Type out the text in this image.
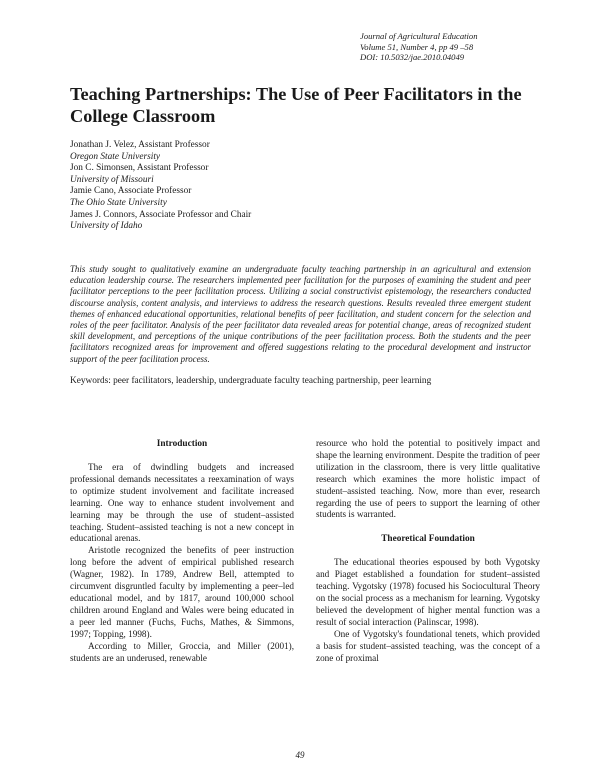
Journal of Agricultural Education
Volume 51, Number 4, pp 49 –58
DOI: 10.5032/jae.2010.04049
Teaching Partnerships: The Use of Peer Facilitators in the College Classroom
Jonathan J. Velez, Assistant Professor
Oregon State University
Jon C. Simonsen, Assistant Professor
University of Missouri
Jamie Cano, Associate Professor
The Ohio State University
James J. Connors, Associate Professor and Chair
University of Idaho

This study sought to qualitatively examine an undergraduate faculty teaching partnership in an agricultural and extension education leadership course. The researchers implemented peer facilitation for the purposes of examining the student and peer facilitator perceptions to the peer facilitation process. Utilizing a social constructivist epistemology, the researchers conducted discourse analysis, content analysis, and interviews to address the research questions. Results revealed three emergent student themes of enhanced educational opportunities, relational benefits of peer facilitation, and student concern for the selection and roles of the peer facilitator. Analysis of the peer facilitator data revealed areas for potential change, areas of recognized student skill development, and perceptions of the unique contributions of the peer facilitation process. Both the students and the peer facilitators recognized areas for improvement and offered suggestions relating to the procedural development and instructor support of the peer facilitation process.

Keywords: peer facilitators, leadership, undergraduate faculty teaching partnership, peer learning
Introduction

The era of dwindling budgets and increased professional demands necessitates a reexamination of ways to optimize student involvement and facilitate increased learning. One way to enhance student involvement and learning may be through the use of student–assisted teaching. Student–assisted teaching is not a new concept in educational arenas.

Aristotle recognized the benefits of peer instruction long before the advent of empirical published research (Wagner, 1982). In 1789, Andrew Bell, attempted to circumvent disgruntled faculty by implementing a peer–led educational model, and by 1817, around 100,000 school children around England and Wales were being educated in a peer led manner (Fuchs, Fuchs, Mathes, & Simmons, 1997; Topping, 1998).

According to Miller, Groccia, and Miller (2001), students are an underused, renewable

resource who hold the potential to positively impact and shape the learning environment. Despite the tradition of peer utilization in the classroom, there is very little qualitative research which examines the more holistic impact of student–assisted teaching. Now, more than ever, research regarding the use of peers to support the learning of other students is warranted.

Theoretical Foundation

The educational theories espoused by both Vygotsky and Piaget established a foundation for student–assisted teaching. Vygotsky (1978) focused his Sociocultural Theory on the social process as a mechanism for learning. Vygotsky believed the development of higher mental function was a result of social interaction (Palinscar, 1998).

One of Vygotsky's foundational tenets, which provided a basis for student–assisted teaching, was the concept of a zone of proximal

49
